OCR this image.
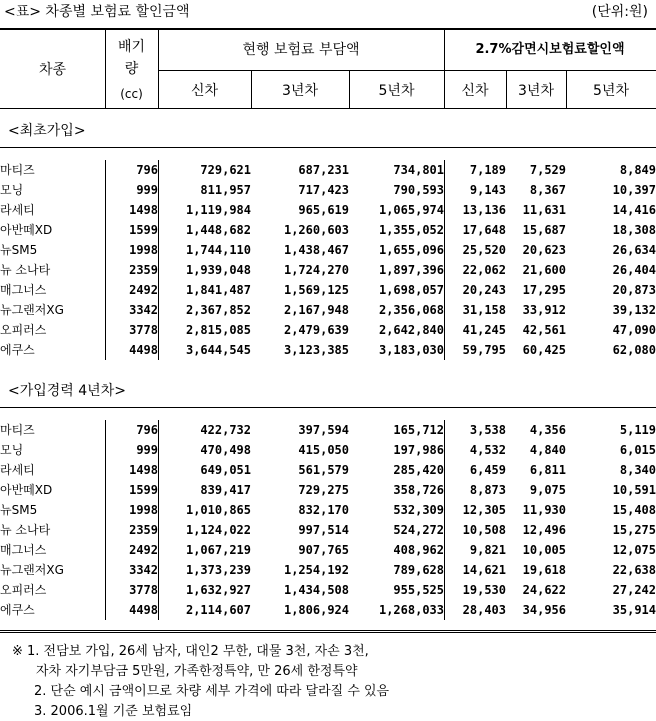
<표> 차종별 보험료 할인금액	(단위:원)
차종
배기
량
(cc)
현행 보험료 부담액	2.7%감면시보험료할인액
신차	3년차	5년차	신차	3년차	5년차
<최초가입>
마티즈	796	729,621	687,231	734,801	7,189	7,529	8,849
모닝	999	811,957	717,423	790,593	9,143	8,367	10,397
라세티	1498	1,119,984	965,619	1,065,974	13,136	11,631	14,416
아반떼XD	1599	1,448,682	1,260,603	1,355,052	17,648	15,687	18,308
뉴SM5	1998	1,744,110	1,438,467	1,655,096	25,520	20,623	26,634
뉴 소나타	2359	1,939,048	1,724,270	1,897,396	22,062	21,600	26,404
매그너스	2492	1,841,487	1,569,125	1,698,057	20,243	17,295	20,873
뉴그랜저XG	3342	2,367,852	2,167,948	2,356,068	31,158	33,912	39,132
오피러스	3778	2,815,085	2,479,639	2,642,840	41,245	42,561	47,090
에쿠스	4498	3,644,545	3,123,385	3,183,030	59,795	60,425	62,080
<가입경력 4년차>
마티즈	796	422,732	397,594	165,712	3,538	4,356	5,119
모닝	999	470,498	415,050	197,986	4,532	4,840	6,015
라세티	1498	649,051	561,579	285,420	6,459	6,811	8,340
아반떼XD	1599	839,417	729,275	358,726	8,873	9,075	10,591
뉴SM5	1998	1,010,865	832,170	532,309	12,305	11,930	15,408
뉴 소나타	2359	1,124,022	997,514	524,272	10,508	12,496	15,275
매그너스	2492	1,067,219	907,765	408,962	9,821	10,005	12,075
뉴그랜저XG	3342	1,373,239	1,254,192	789,628	14,621	19,618	22,638
오피러스	3778	1,632,927	1,434,508	955,525	19,530	24,622	27,242
에쿠스	4498	2,114,607	1,806,924	1,268,033	28,403	34,956	35,914
※ 1. 전담보 가입, 26세 남자, 대인2 무한, 대물 3천, 자손 3천,
자차 자기부담금 5만원, 가족한정특약, 만 26세 한정특약
2. 단순 예시 금액이므로 차량 세부 가격에 따라 달라질 수 있음
3. 2006.1월 기준 보험료임
